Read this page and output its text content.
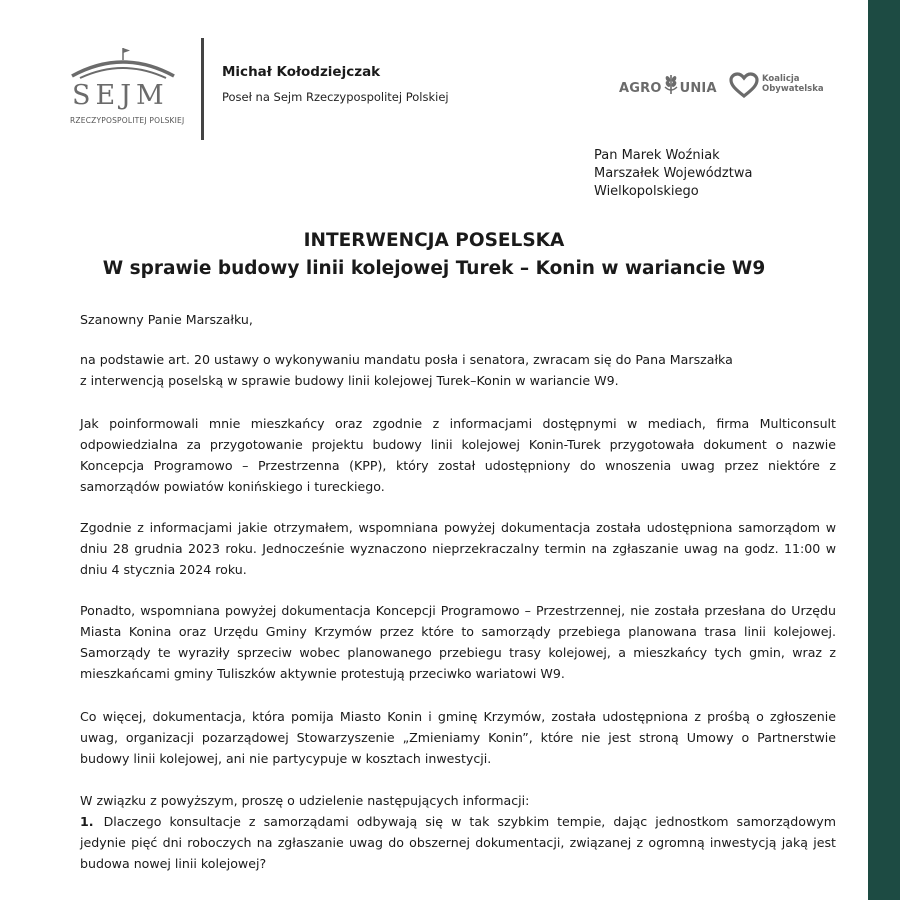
SEJM
RZECZYPOSPOLITEJ POLSKIEJ
Michał Kołodziejczak
Poseł na Sejm Rzeczypospolitej Polskiej
AGRO UNIA
Koalicja
Obywatelska
Pan Marek Woźniak
Marszałek Województwa
Wielkopolskiego
INTERWENCJA POSELSKA
W sprawie budowy linii kolejowej Turek – Konin w wariancie W9
Szanowny Panie Marszałku,
na podstawie art. 20 ustawy o wykonywaniu mandatu posła i senatora, zwracam się do Pana Marszałka
z interwencją poselską w sprawie budowy linii kolejowej Turek–Konin w wariancie W9.
Jak poinformowali mnie mieszkańcy oraz zgodnie z informacjami dostępnymi w mediach, firma Multiconsult odpowiedzialna za przygotowanie projektu budowy linii kolejowej Konin-Turek przygotowała dokument o nazwie Koncepcja Programowo – Przestrzenna (KPP), który został udostępniony do wnoszenia uwag przez niektóre z samorządów powiatów konińskiego i tureckiego.
Zgodnie z informacjami jakie otrzymałem, wspomniana powyżej dokumentacja została udostępniona samorządom w dniu 28 grudnia 2023 roku. Jednocześnie wyznaczono nieprzekraczalny termin na zgłaszanie uwag na godz. 11:00 w dniu 4 stycznia 2024 roku.
Ponadto, wspomniana powyżej dokumentacja Koncepcji Programowo – Przestrzennej, nie została przesłana do Urzędu Miasta Konina oraz Urzędu Gminy Krzymów przez które to samorządy przebiega planowana trasa linii kolejowej. Samorządy te wyraziły sprzeciw wobec planowanego przebiegu trasy kolejowej, a mieszkańcy tych gmin, wraz z mieszkańcami gminy Tuliszków aktywnie protestują przeciwko wariatowi W9.
Co więcej, dokumentacja, która pomija Miasto Konin i gminę Krzymów, została udostępniona z prośbą o zgłoszenie uwag, organizacji pozarządowej Stowarzyszenie „Zmieniamy Konin”, które nie jest stroną Umowy o Partnerstwie budowy linii kolejowej, ani nie partycypuje w kosztach inwestycji.
W związku z powyższym, proszę o udzielenie następujących informacji:
1. Dlaczego konsultacje z samorządami odbywają się w tak szybkim tempie, dając jednostkom samorządowym jedynie pięć dni roboczych na zgłaszanie uwag do obszernej dokumentacji, związanej z ogromną inwestycją jaką jest budowa nowej linii kolejowej?
